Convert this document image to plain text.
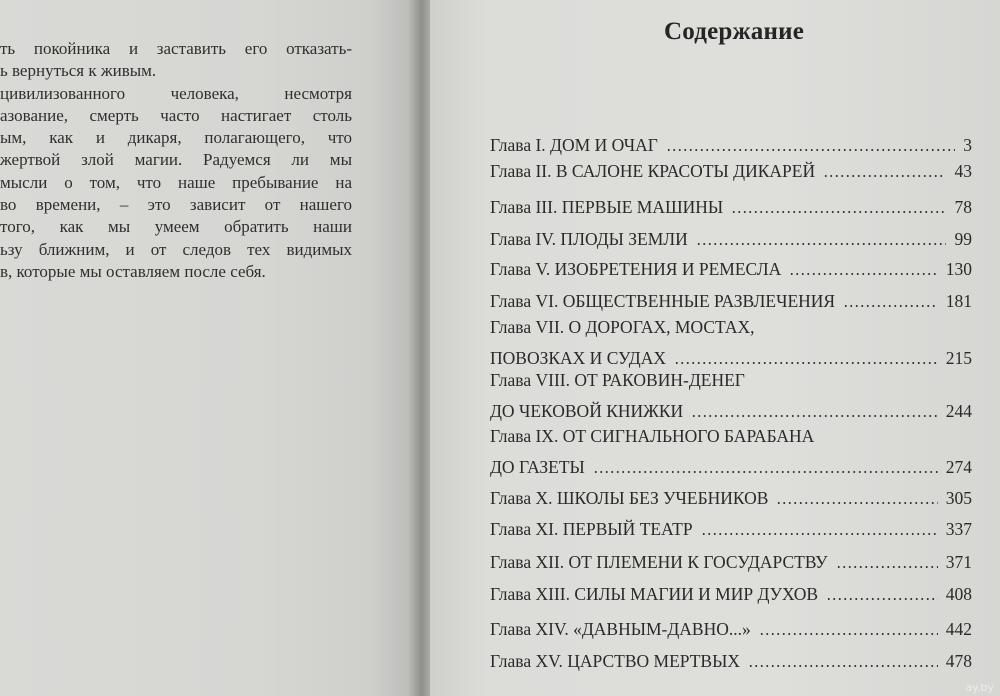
ть покойника и заставить его отказать-
ь вернуться к живым.
цивилизованного человека, несмотря
азование, смерть часто настигает столь
ым, как и дикаря, полагающего, что
жертвой злой магии. Радуемся ли мы
мысли о том, что наше пребывание на
во времени, – это зависит от нашего
того, как мы умеем обратить наши
ьзу ближним, и от следов тех видимых
в, которые мы оставляем после себя.
Содержание
Глава I. ДОМ И ОЧАГ	3
Глава II. В САЛОНЕ КРАСОТЫ ДИКАРЕЙ	43
Глава III. ПЕРВЫЕ МАШИНЫ	78
Глава IV. ПЛОДЫ ЗЕМЛИ	99
Глава V. ИЗОБРЕТЕНИЯ И РЕМЕСЛА	130
Глава VI. ОБЩЕСТВЕННЫЕ РАЗВЛЕЧЕНИЯ	181
Глава VII. О ДОРОГАХ, МОСТАХ,
ПОВОЗКАХ И СУДАХ	215
Глава VIII. ОТ РАКОВИН-ДЕНЕГ
ДО ЧЕКОВОЙ КНИЖКИ	244
Глава IX. ОТ СИГНАЛЬНОГО БАРАБАНА
ДО ГАЗЕТЫ	274
Глава X. ШКОЛЫ БЕЗ УЧЕБНИКОВ	305
Глава XI. ПЕРВЫЙ ТЕАТР	337
Глава XII. ОТ ПЛЕМЕНИ К ГОСУДАРСТВУ	371
Глава XIII. СИЛЫ МАГИИ И МИР ДУХОВ	408
Глава XIV. «ДАВНЫМ-ДАВНО...»	442
Глава XV. ЦАРСТВО МЕРТВЫХ	478
ay.by
